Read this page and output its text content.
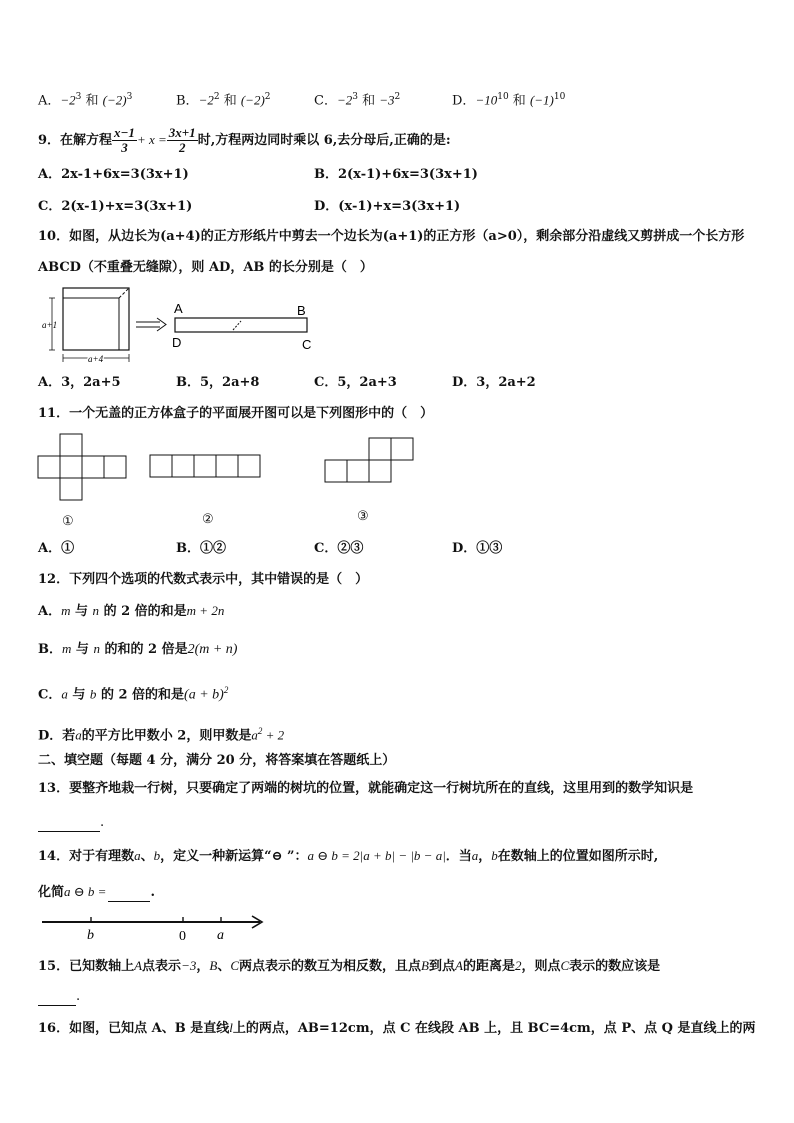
A．$-2^3$ 和 $(-2)^3$	B．$-2^2$ 和 $(-2)^2$	C．$-2^3$ 和 $-3^2$	D．$-10^{10}$ 和 $(-1)^{10}$
9．在解方程 $\frac{x-1}{3} + x = \frac{3x+1}{2}$ 时,方程两边同时乘以 6,去分母后,正确的是:
A．2x-1+6x=3(3x+1)	B．2(x-1)+6x=3(3x+1)
C．2(x-1)+x=3(3x+1)	D．(x-1)+x=3(3x+1)
10．如图，从边长为(a+4)的正方形纸片中剪去一个边长为(a+1)的正方形（a>0），剩余部分沿虚线又剪拼成一个长方形
ABCD（不重叠无缝隙），则 AD，AB 的长分别是（　）
a+1
a+4
A	B
D	C
A．3，2a+5	B．5，2a+8	C．5，2a+3	D．3，2a+2
11．一个无盖的正方体盒子的平面展开图可以是下列图形中的（　）
①	②	③
A．①	B．①②	C．②③	D．①③
12．下列四个选项的代数式表示中，其中错误的是（　）
A．m 与 n 的 2 倍的和是m + 2n
B．m 与 n 的和的 2 倍是2(m + n)
C．a 与 b 的 2 倍的和是$(a + b)^2$
D．若a的平方比甲数小 2，则甲数是$a^2 + 2$
二、填空题（每题 4 分，满分 20 分，将答案填在答题纸上）
13．要整齐地栽一行树，只要确定了两端的树坑的位置，就能确定这一行树坑所在的直线，这里用到的数学知识是
.
14．对于有理数a、b，定义一种新运算“⊖ ”：a ⊖ b = 2|a + b| − |b − a|．当a，b在数轴上的位置如图所示时,
化简a ⊖ b =	.
b	0 a
15．已知数轴上A点表示−3，B、C两点表示的数互为相反数，且点B到点A的距离是2，则点C表示的数应该是
.
16．如图，已知点 A、B 是直线l上的两点，AB=12cm，点 C 在线段 AB 上，且 BC=4cm，点 P、点 Q 是直线上的两
